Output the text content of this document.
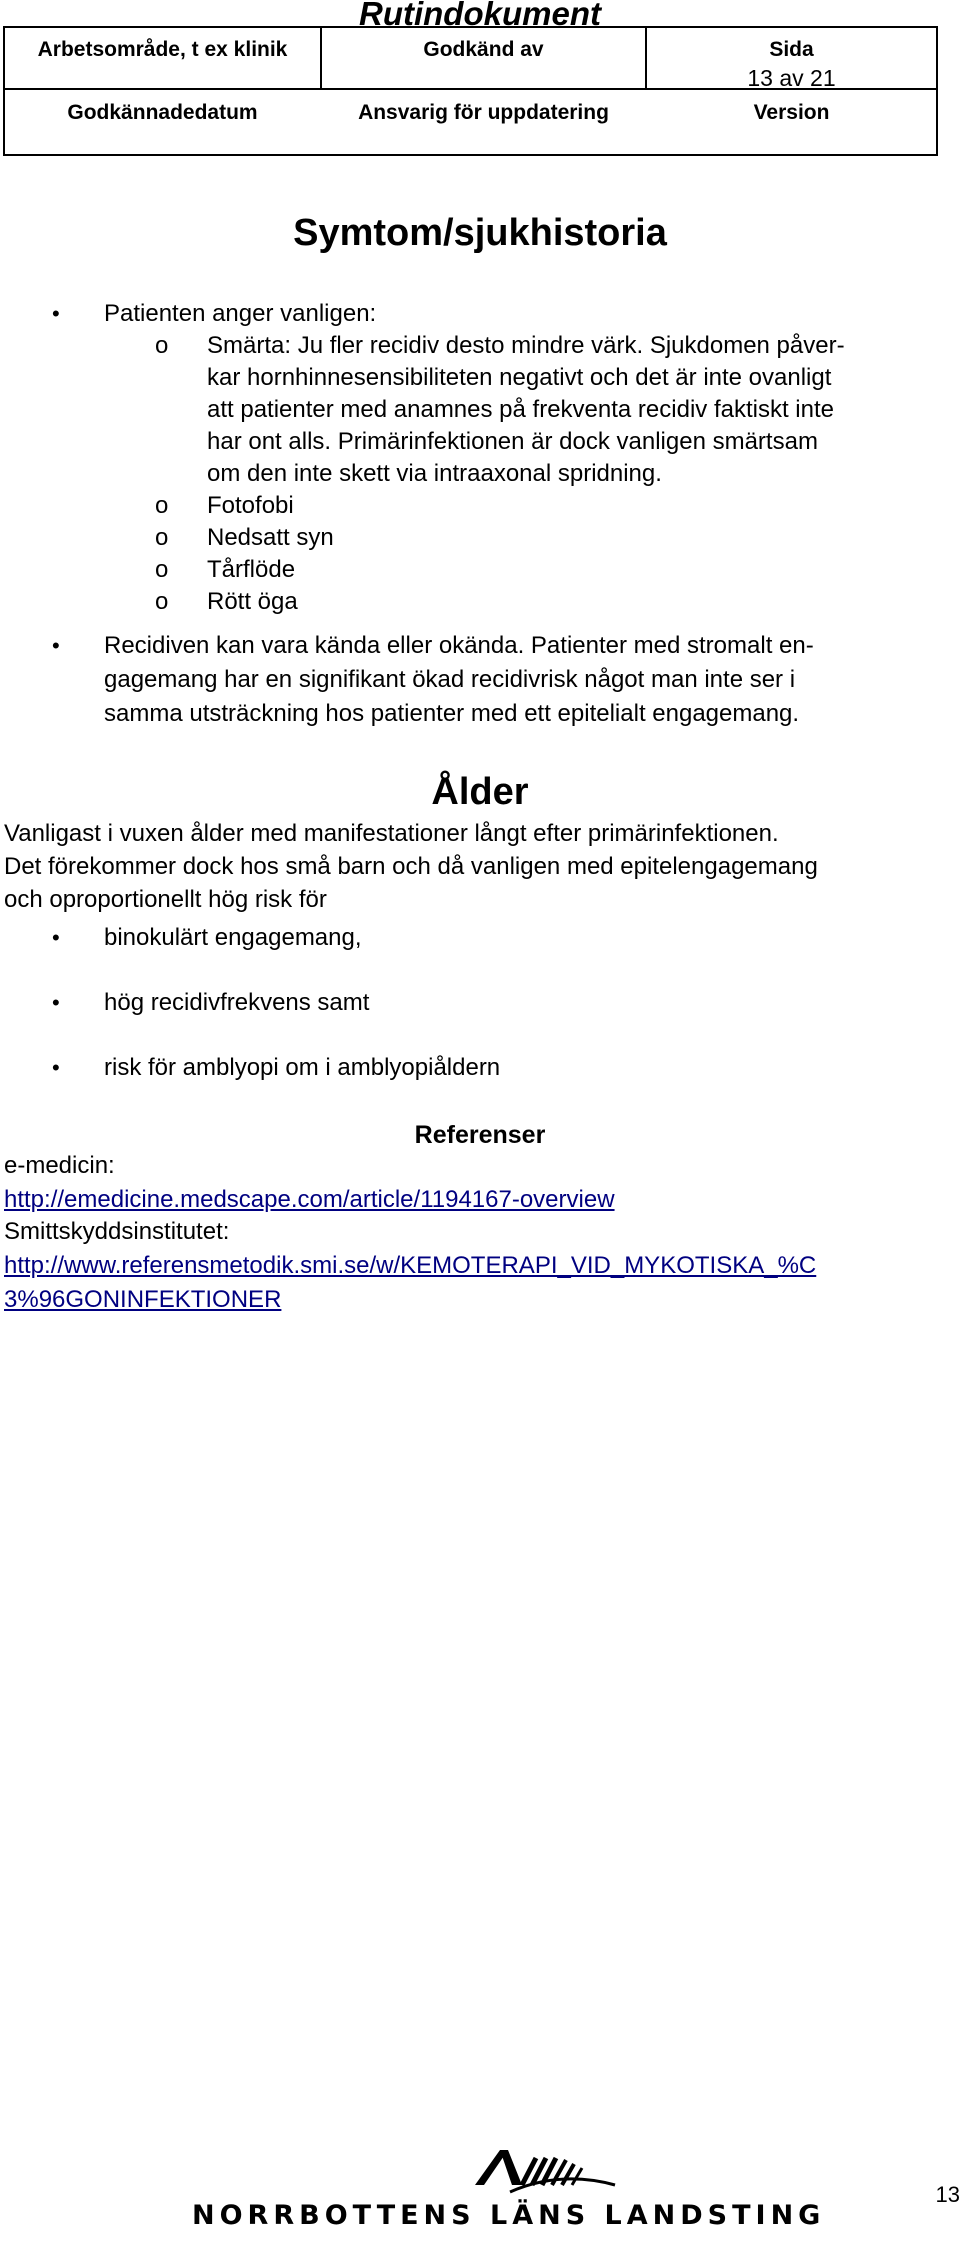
Rutindokument
Arbetsområde, t ex klinik	Godkänd av	Sida
13 av 21
Godkännadedatum	Ansvarig för uppdatering	Version
Symtom/sjukhistoria
• Patienten anger vanligen:
o Smärta: Ju fler recidiv desto mindre värk. Sjukdomen påver-
kar hornhinnesensibiliteten negativt och det är inte ovanligt
att patienter med anamnes på frekventa recidiv faktiskt inte
har ont alls. Primärinfektionen är dock vanligen smärtsam
om den inte skett via intraaxonal spridning.
o Fotofobi
o Nedsatt syn
o Tårflöde
o Rött öga
• Recidiven kan vara kända eller okända. Patienter med stromalt en-
gagemang har en signifikant ökad recidivrisk något man inte ser i
samma utsträckning hos patienter med ett epitelialt engagemang.
Ålder
Vanligast i vuxen ålder med manifestationer långt efter primärinfektionen.
Det förekommer dock hos små barn och då vanligen med epitelengagemang
och oproportionellt hög risk för
• binokulärt engagemang,
• hög recidivfrekvens samt
• risk för amblyopi om i amblyopiåldern
Referenser
e-medicin:
http://emedicine.medscape.com/article/1194167-overview
Smittskyddsinstitutet:
http://www.referensmetodik.smi.se/w/KEMOTERAPI_VID_MYKOTISKA_%C
3%96GONINFEKTIONER
NORRBOTTENS LÄNS LANDSTING
13
